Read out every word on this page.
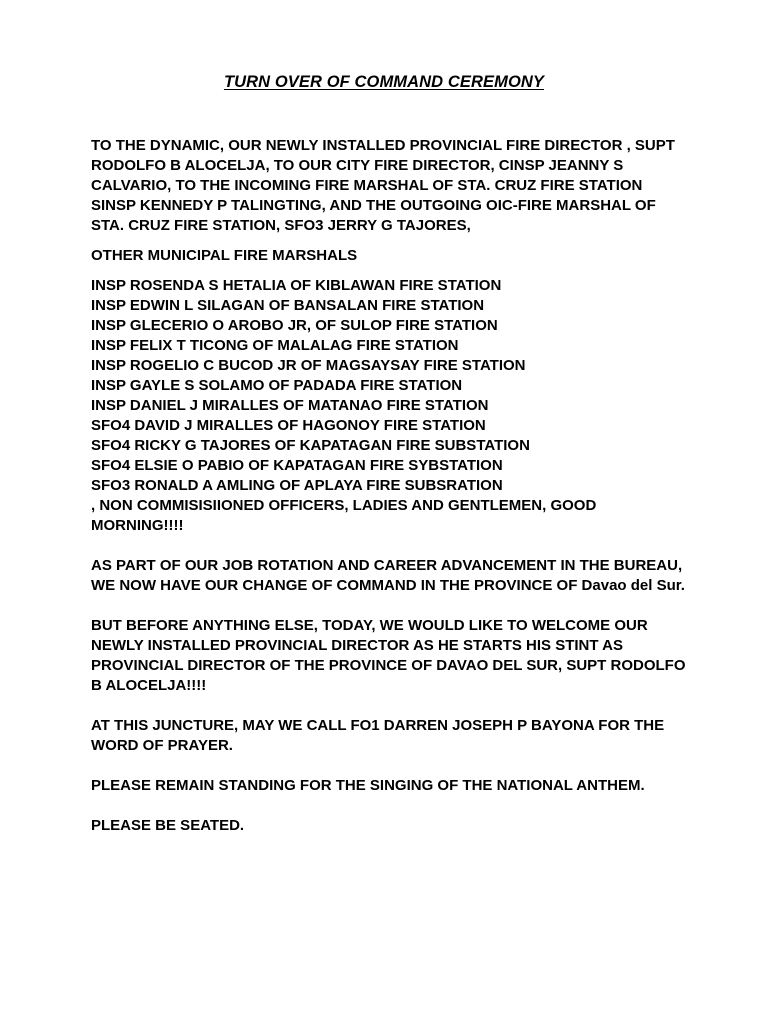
TURN OVER OF COMMAND CEREMONY

TO THE DYNAMIC, OUR NEWLY INSTALLED PROVINCIAL FIRE DIRECTOR , SUPT RODOLFO B ALOCELJA, TO OUR CITY FIRE DIRECTOR, CINSP JEANNY S CALVARIO, TO THE INCOMING FIRE MARSHAL OF STA. CRUZ FIRE STATION SINSP KENNEDY P TALINGTING, AND THE OUTGOING OIC-FIRE MARSHAL OF STA. CRUZ FIRE STATION, SFO3 JERRY G TAJORES,

OTHER MUNICIPAL FIRE MARSHALS

INSP ROSENDA S HETALIA OF KIBLAWAN FIRE STATION
INSP EDWIN L SILAGAN OF BANSALAN FIRE STATION
INSP GLECERIO O AROBO JR, OF SULOP FIRE STATION
INSP FELIX T TICONG OF MALALAG FIRE STATION
INSP ROGELIO C BUCOD JR OF MAGSAYSAY FIRE STATION
INSP GAYLE S SOLAMO OF PADADA FIRE STATION
INSP DANIEL J MIRALLES OF MATANAO FIRE STATION
SFO4 DAVID J MIRALLES OF HAGONOY FIRE STATION
SFO4 RICKY G TAJORES OF KAPATAGAN FIRE SUBSTATION
SFO4 ELSIE O PABIO OF KAPATAGAN FIRE SYBSTATION
SFO3 RONALD A AMLING OF APLAYA FIRE SUBSRATION
, NON COMMISISIIONED OFFICERS, LADIES AND GENTLEMEN, GOOD MORNING!!!!

AS PART OF OUR JOB ROTATION AND CAREER ADVANCEMENT IN THE BUREAU, WE NOW HAVE OUR CHANGE OF COMMAND IN THE PROVINCE OF Davao del Sur.

BUT BEFORE ANYTHING ELSE, TODAY, WE WOULD LIKE TO WELCOME OUR NEWLY INSTALLED PROVINCIAL DIRECTOR AS HE STARTS HIS STINT AS PROVINCIAL DIRECTOR OF THE PROVINCE OF DAVAO DEL SUR, SUPT RODOLFO B ALOCELJA!!!!

AT THIS JUNCTURE, MAY WE CALL FO1 DARREN JOSEPH P BAYONA FOR THE WORD OF PRAYER.

PLEASE REMAIN STANDING FOR THE SINGING OF THE NATIONAL ANTHEM.

PLEASE BE SEATED.
